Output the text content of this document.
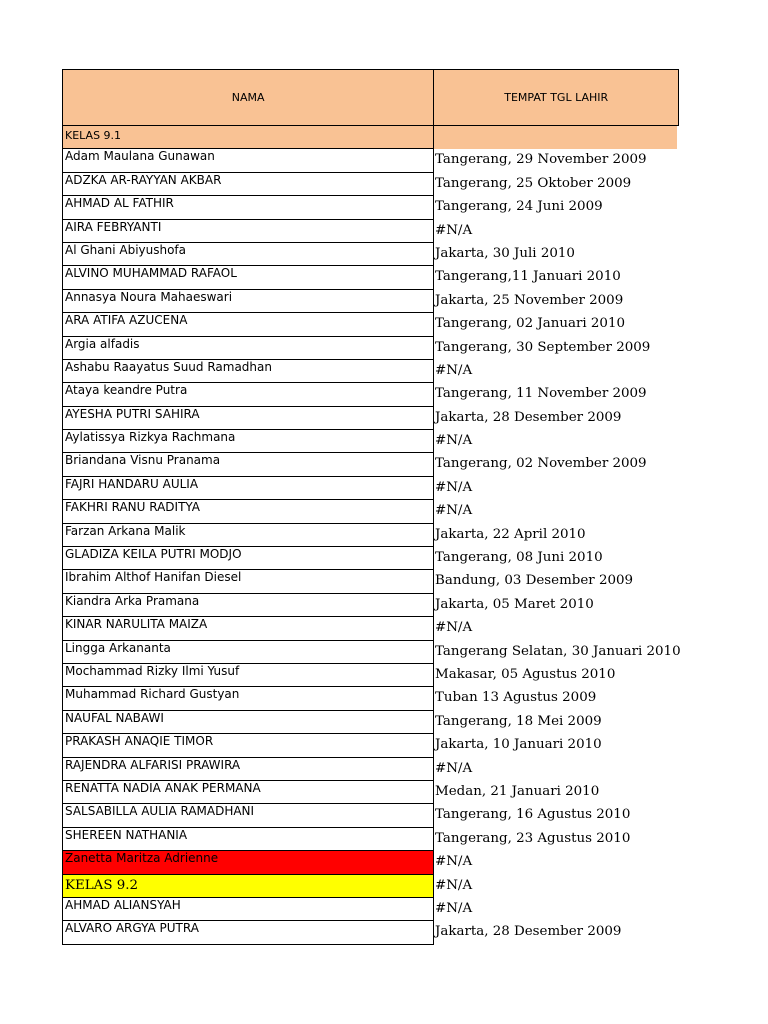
NAMA	TEMPAT TGL LAHIR
KELAS 9.1
Adam Maulana Gunawan	Tangerang, 29 November 2009
ADZKA AR-RAYYAN AKBAR	Tangerang, 25 Oktober 2009
AHMAD AL FATHIR	Tangerang, 24 Juni 2009
AIRA FEBRYANTI	#N/A
Al Ghani Abiyushofa	Jakarta, 30 Juli 2010
ALVINO MUHAMMAD RAFAOL	Tangerang,11 Januari 2010
Annasya Noura Mahaeswari	Jakarta, 25 November 2009
ARA ATIFA AZUCENA	Tangerang, 02 Januari 2010
Argia alfadis	Tangerang, 30 September 2009
Ashabu Raayatus Suud Ramadhan	#N/A
Ataya keandre Putra	Tangerang, 11 November 2009
AYESHA PUTRI SAHIRA	Jakarta, 28 Desember 2009
Aylatissya Rizkya Rachmana	#N/A
Briandana Visnu Pranama	Tangerang, 02 November 2009
FAJRI HANDARU AULIA	#N/A
FAKHRI RANU RADITYA	#N/A
Farzan Arkana Malik	Jakarta, 22 April 2010
GLADIZA KEILA PUTRI MODJO	Tangerang, 08 Juni 2010
Ibrahim Althof Hanifan Diesel	Bandung, 03 Desember 2009
Kiandra Arka Pramana	Jakarta, 05 Maret 2010
KINAR NARULITA MAIZA	#N/A
Lingga Arkananta	Tangerang Selatan, 30 Januari 2010
Mochammad Rizky Ilmi Yusuf	Makasar, 05 Agustus 2010
Muhammad Richard Gustyan	Tuban 13 Agustus 2009
NAUFAL NABAWI	Tangerang, 18 Mei 2009
PRAKASH ANAQIE TIMOR	Jakarta, 10 Januari 2010
RAJENDRA ALFARISI PRAWIRA	#N/A
RENATTA NADIA ANAK PERMANA	Medan, 21 Januari 2010
SALSABILLA AULIA RAMADHANI	Tangerang, 16 Agustus 2010
SHEREEN NATHANIA	Tangerang, 23 Agustus 2010
Zanetta Maritza Adrienne	#N/A
KELAS 9.2	#N/A
AHMAD ALIANSYAH	#N/A
ALVARO ARGYA PUTRA	Jakarta, 28 Desember 2009
